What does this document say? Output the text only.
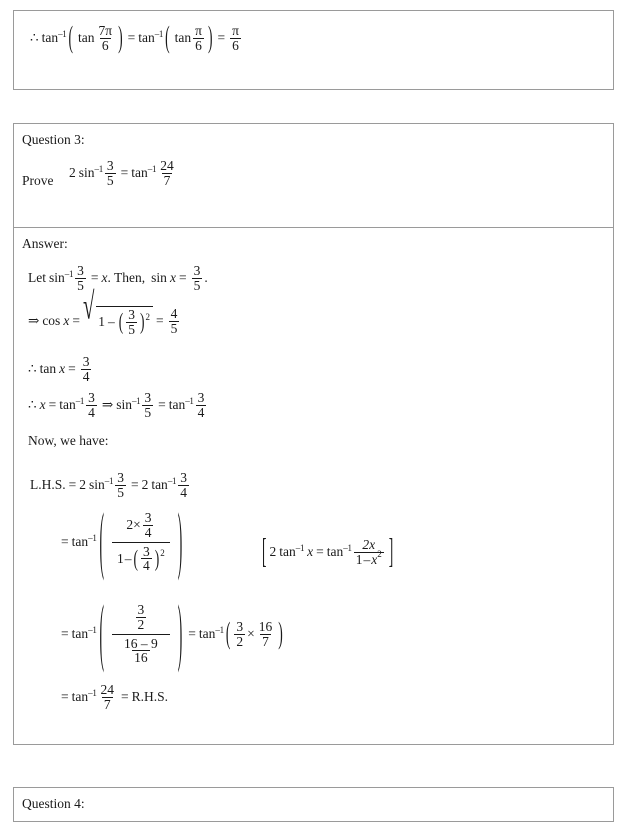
∴ tan –1 ( $\tan \frac{7\pi}{6}$ ) = tan –1 ( $\tan \frac{\pi}{6}$ ) = $\frac{\pi}{6}$
Question 3:
Prove
2 $\sin -1 \frac{3}{5} = \tan -1 \frac{24}{7}$
Answer:
Let $\sin -1 \frac{3}{5} = x$ . Then, $\sin x = \frac{3}{5}$ .
⇒ cos x = √ 1 – ( $\frac{3}{5}$ ) $2 = \frac{4}{5}$
∴ $\tan x = \frac{3}{4}$
∴ $x = \tan -1 \frac{3}{4}$ ⇒ $\sin -1 \frac{3}{5} = \tan -1 \frac{3}{4}$
Now, we have:
L.H.S. = 2 $\sin -1 \frac{3}{5} = 2$ $\tan -1 \frac{3}{4}$
= tan –1 ( $2 \times \frac{3}{4}$
1 – ( $\frac{3}{4}$ ) 2 )	[ 2 tan –1 $x = \tan -1 \frac{2x}{1 - x 2}$ ]
= tan –1 ( $\frac{\frac{3}{2}}{\frac{16 - 9}{16}}$ ) = tan –1 ( $\frac{3}{2} \times \frac{16}{7}$ )
= $\tan -1 \frac{24}{7} = R.H.S$.
Question 4:
